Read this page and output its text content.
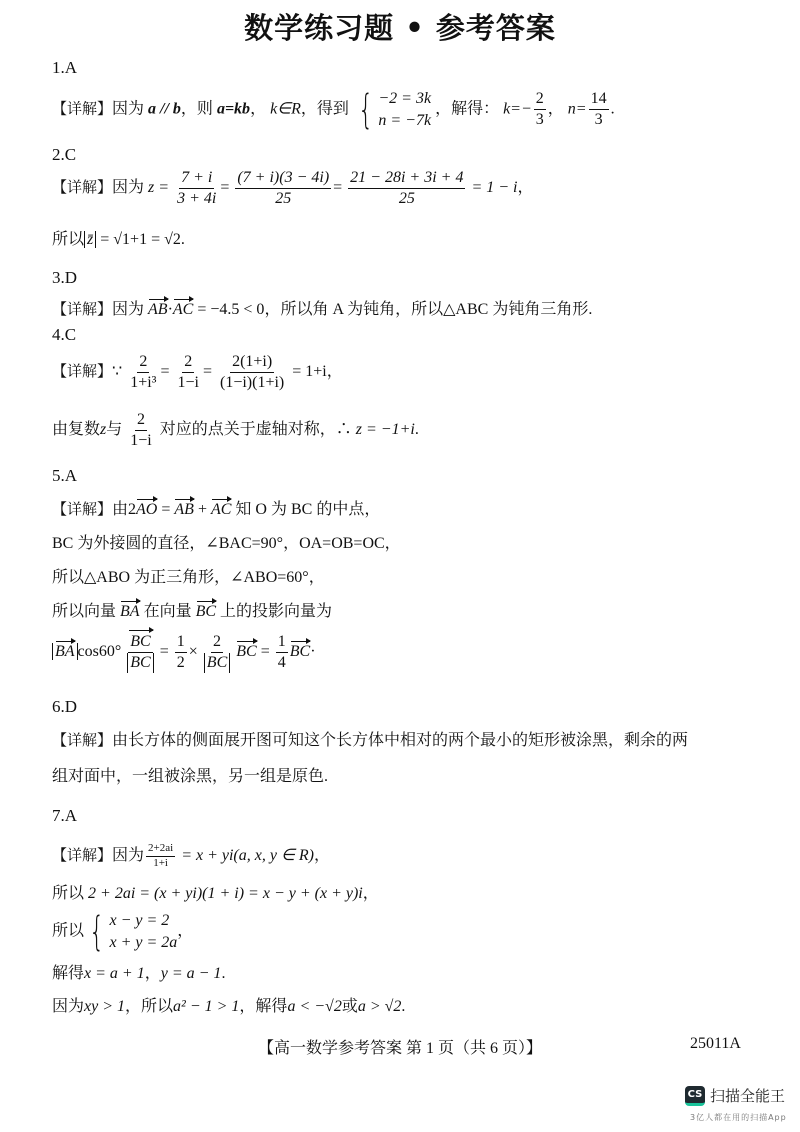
数学练习题 • 参考答案
1.A
【详解】因为 a // b，则 a=kb， k∈R，得到 { −2 = 3k
n = −7k
，解得： $k=- \frac{2}{3}$ ， $n= \frac{14}{3}$ .
2.C
【详解】因为 $z = \frac{7 + i}{3 + 4i} = \frac{(7 + i)(3 - 4i)}{25} = \frac{21 - 28i + 3i + 4}{25} = 1 - i$，
所以 z̄ = √1+1 = √2.
3.D
【详解】因为 AB·AC = −4.5 < 0，所以角 A 为钝角，所以△ABC 为钝角三角形.
4.C
【详解】∵ $\frac{2}{\text{1+i³}} = \frac{2}{1-i} = \frac{2(1+i)}{(1-i)(1+i)} = 1+i$，
由复数z与 $\frac{2}{1-i}$ 对应的点关于虚轴对称，∴ z = −1+i.
5.A
【详解】由2AO = AB + AC 知 O 为 BC 的中点，
BC 为外接圆的直径，∠BAC=90°，OA=OB=OC，
所以△ABO 为正三角形，∠ABO=60°，
所以向量 BA 在向量 BC 上的投影向量为
BA $\cos 60^\circ \frac{BC}{BC} = \frac{1}{2} \times \frac{2}{BC}$ BC = $\frac{1}{4} BC\cdot$
6.D
【详解】由长方体的侧面展开图可知这个长方体中相对的两个最小的矩形被涂黑，剩余的两
组对面中，一组被涂黑，另一组是原色.
7.A
【详解】因为 $\frac{2+2ai}{1+i} = x + yi(a$, x, y ∈ R)，
所以 2 + 2ai = (x + yi)(1 + i) = x − y + (x + y)i，
所以 { x − y = 2
x + y = 2a
，
解得x = a + 1，y = a − 1.
因为xy > 1，所以a² − 1 > 1，解得a < −√2或a > √2.
【高一数学参考答案 第 1 页（共 6 页）】	25011A
CS 扫描全能王
3亿人都在用的扫描App
